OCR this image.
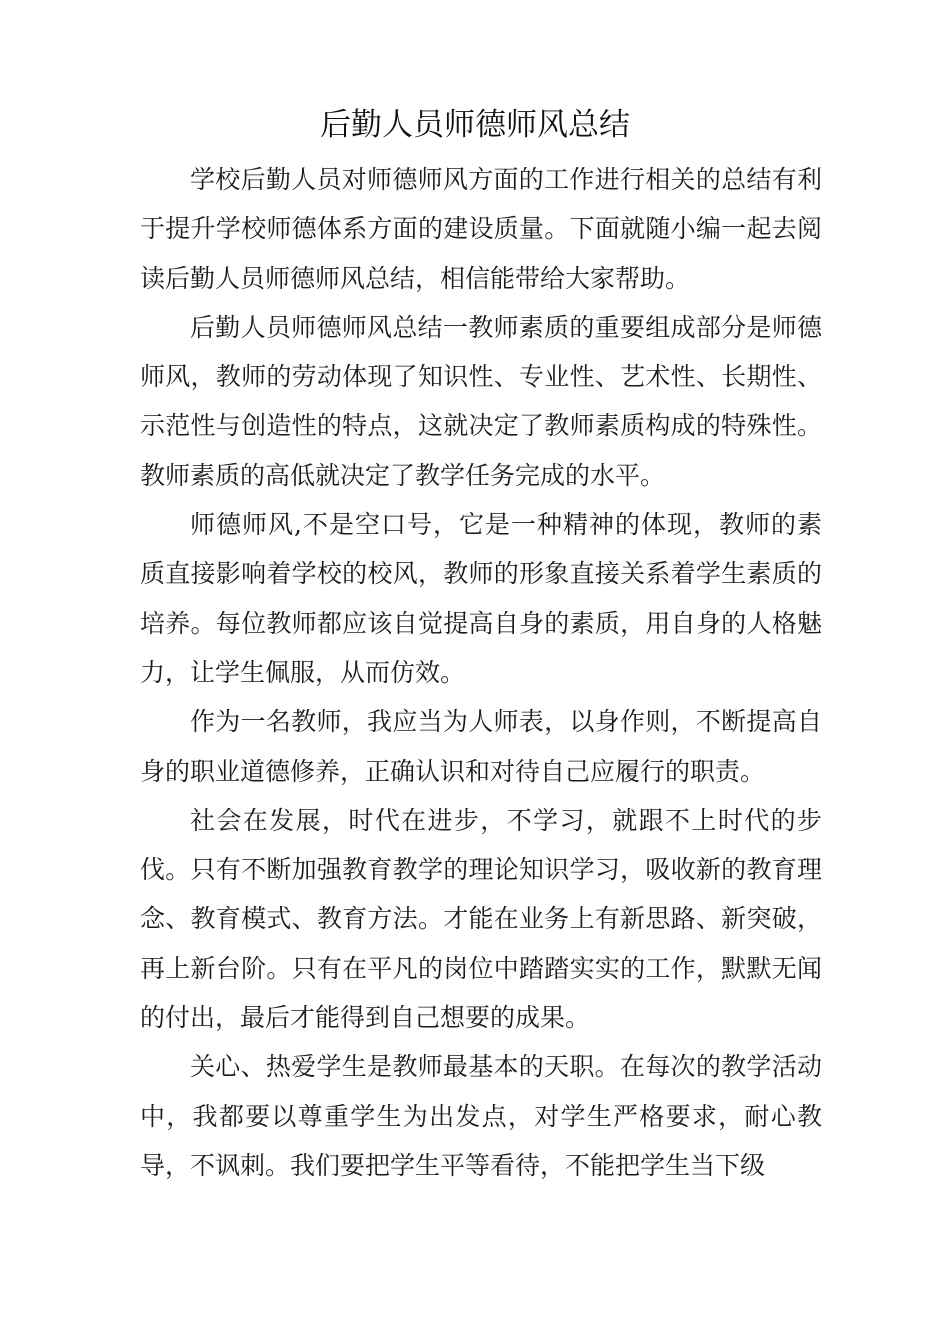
后勤人员师德师风总结

学校后勤人员对师德师风方面的工作进行相关的总结有利于提升学校师德体系方面的建设质量。下面就随小编一起去阅读后勤人员师德师风总结，相信能带给大家帮助。

后勤人员师德师风总结一教师素质的重要组成部分是师德师风，教师的劳动体现了知识性、专业性、艺术性、长期性、示范性与创造性的特点，这就决定了教师素质构成的特殊性。教师素质的高低就决定了教学任务完成的水平。

师德师风,不是空口号，它是一种精神的体现，教师的素质直接影响着学校的校风，教师的形象直接关系着学生素质的培养。每位教师都应该自觉提高自身的素质，用自身的人格魅力，让学生佩服，从而仿效。

作为一名教师，我应当为人师表，以身作则，不断提高自身的职业道德修养，正确认识和对待自己应履行的职责。

社会在发展，时代在进步，不学习，就跟不上时代的步伐。只有不断加强教育教学的理论知识学习，吸收新的教育理念、教育模式、教育方法。才能在业务上有新思路、新突破，再上新台阶。只有在平凡的岗位中踏踏实实的工作，默默无闻的付出，最后才能得到自己想要的成果。

关心、热爱学生是教师最基本的天职。在每次的教学活动中，我都要以尊重学生为出发点，对学生严格要求，耐心教导，不讽刺。我们要把学生平等看待，不能把学生当下级
